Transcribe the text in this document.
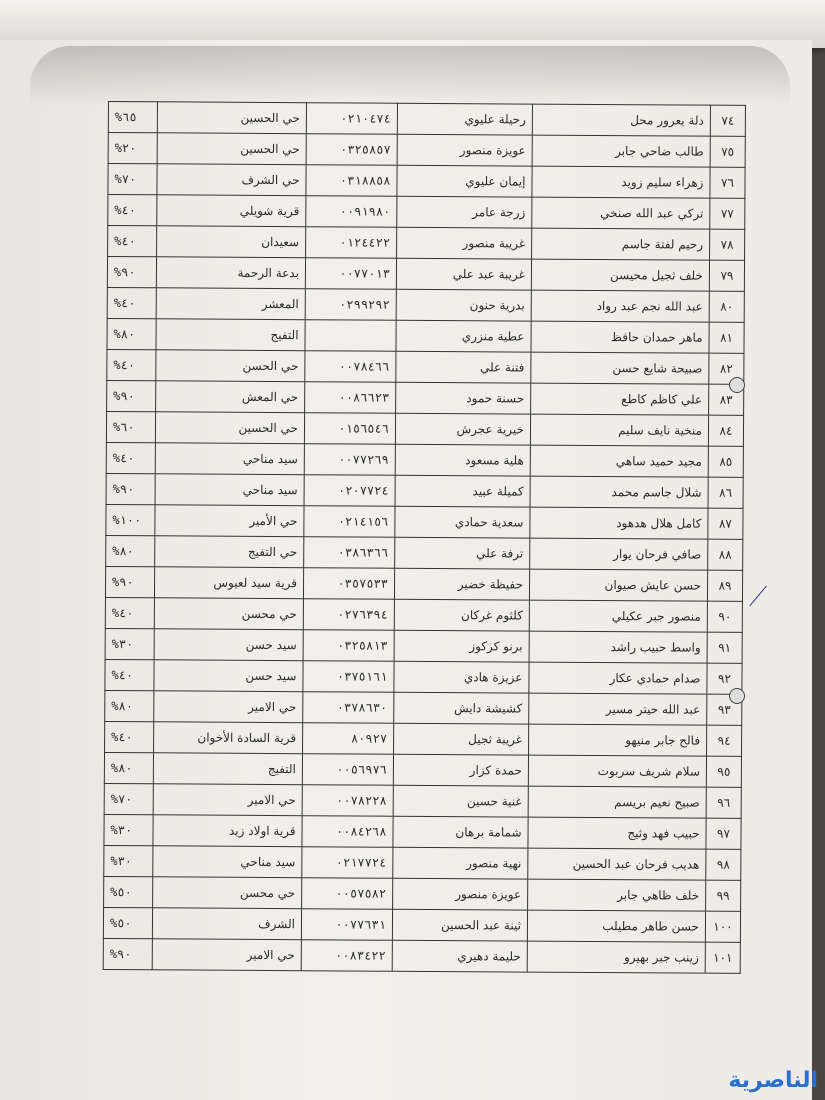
%٦٥	حي الحسين	٠٢١٠٤٧٤	رحيلة عليوي	دلة يعرور محل	٧٤
%٢٠	حي الحسين	٠٣٢٥٨٥٧	عويزة منصور	طالب ضاحي جابر	٧٥
%٧٠	حي الشرف	٠٣١٨٨٥٨	إيمان عليوي	زهراء سليم زويد	٧٦
%٤٠	قرية شويلي	٠٠٩١٩٨٠	زرجة عامر	تركي عبد الله صنخي	٧٧
%٤٠	سعيدان	٠١٢٤٤٢٢	غريبة منصور	رحيم لفتة جاسم	٧٨
%٩٠	بدعة الرحمة	٠٠٧٧٠١٣	غريبة عبد علي	خلف ثجيل محيسن	٧٩
%٤٠	المعشر	٠٢٩٩٢٩٢	بدرية حنون	عبد الله نجم عبد رواد	٨٠
%٨٠	التفيج		عطية منزري	ماهر حمدان حافظ	٨١
%٤٠	حي الحسن	٠٠٧٨٤٦٦	فتنة علي	صبيحة شايع حسن	٨٢
%٩٠	حي المعش	٠٠٨٦٦٢٣	حسنة حمود	علي كاظم كاطع	٨٣
%٦٠	حي الحسين	٠١٥٦٥٤٦	خيرية عجرش	منخية نايف سليم	٨٤
%٤٠	سيد مناحي	٠٠٧٧٢٦٩	هلية مسعود	مجيد حميد ساهي	٨٥
%٩٠	سيد مناحي	٠٢٠٧٧٢٤	كميلة عبيد	شلال جاسم محمد	٨٦
%١٠٠	حي الأمير	٠٢١٤١٥٦	سعدية حمادي	كامل هلال هدهود	٨٧
%٨٠	حي التفيج	٠٣٨٦٣٦٦	ترفة علي	صافي فرحان يوار	٨٨
%٩٠	قرية سيد لعيوس	٠٣٥٧٥٣٣	حفيظة خضير	حسن عايش صيوان	٨٩
%٤٠	حي محسن	٠٢٧٦٣٩٤	كلثوم غركان	منصور جبر عكيلي	٩٠
%٣٠	سيد حسن	٠٣٢٥٨١٣	برنو كركوز	واسط حبيب راشد	٩١
%٤٠	سيد حسن	٠٣٧٥١٦١	عزيزة هادي	صدام حمادي عكار	٩٢
%٨٠	حي الامير	٠٣٧٨٦٣٠	كشيشة دايش	عبد الله حيتر مسير	٩٣
%٤٠	قرية السادة الأخوان	٨٠٩٢٧	غريبة ثجيل	فالح جابر منيهو	٩٤
%٨٠	التفيج	٠٠٥٦٩٧٦	حمدة كزار	سلام شريف سربوت	٩٥
%٧٠	حي الامير	٠٠٧٨٢٢٨	غنية حسين	صبيح نعيم بريسم	٩٦
%٣٠	قرية اولاد زيد	٠٠٨٤٢٦٨	شمامة برهان	حبيب فهد وثيج	٩٧
%٣٠	سيد مناحي	٠٢١٧٧٢٤	نهية منصور	هديب فرحان عبد الحسين	٩٨
%٥٠	حي محسن	٠٠٥٧٥٨٢	عويزة منصور	خلف ظاهي جابر	٩٩
%٥٠	الشرف	٠٠٧٧٦٣١	ثينة عبد الحسين	حسن طاهر مطيلب	١٠٠
%٩٠	حي الامير	٠٠٨٣٤٢٢	حليمة دهيري	زينب جبر بهيرو	١٠١
الناصرية
